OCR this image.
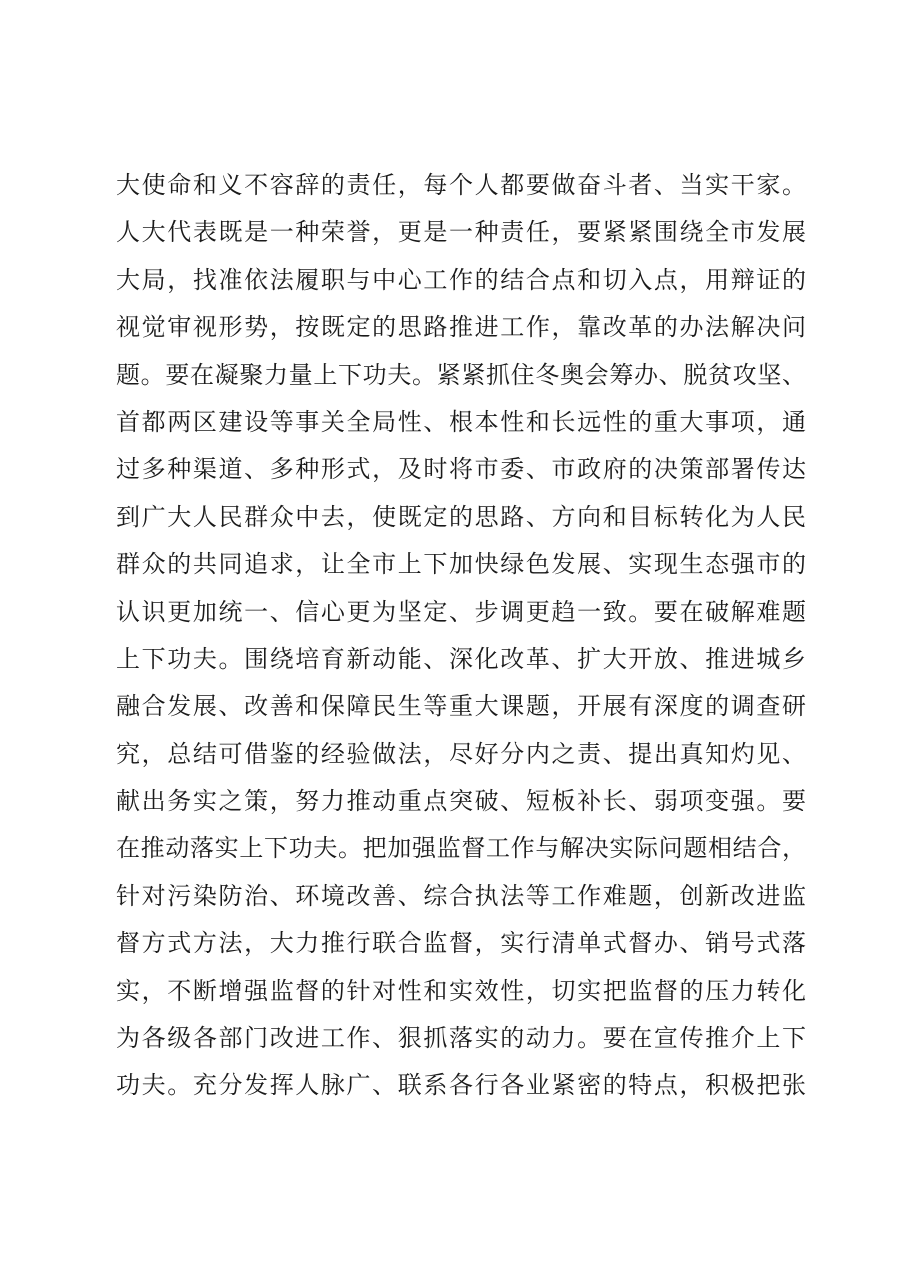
大使命和义不容辞的责任，每个人都要做奋斗者、当实干家。
人大代表既是一种荣誉，更是一种责任，要紧紧围绕全市发展
大局，找准依法履职与中心工作的结合点和切入点，用辩证的
视觉审视形势，按既定的思路推进工作，靠改革的办法解决问
题。要在凝聚力量上下功夫。紧紧抓住冬奥会筹办、脱贫攻坚、
首都两区建设等事关全局性、根本性和长远性的重大事项，通
过多种渠道、多种形式，及时将市委、市政府的决策部署传达
到广大人民群众中去，使既定的思路、方向和目标转化为人民
群众的共同追求，让全市上下加快绿色发展、实现生态强市的
认识更加统一、信心更为坚定、步调更趋一致。要在破解难题
上下功夫。围绕培育新动能、深化改革、扩大开放、推进城乡
融合发展、改善和保障民生等重大课题，开展有深度的调查研
究，总结可借鉴的经验做法，尽好分内之责、提出真知灼见、
献出务实之策，努力推动重点突破、短板补长、弱项变强。要
在推动落实上下功夫。把加强监督工作与解决实际问题相结合，
针对污染防治、环境改善、综合执法等工作难题，创新改进监
督方式方法，大力推行联合监督，实行清单式督办、销号式落
实，不断增强监督的针对性和实效性，切实把监督的压力转化
为各级各部门改进工作、狠抓落实的动力。要在宣传推介上下
功夫。充分发挥人脉广、联系各行各业紧密的特点，积极把张
